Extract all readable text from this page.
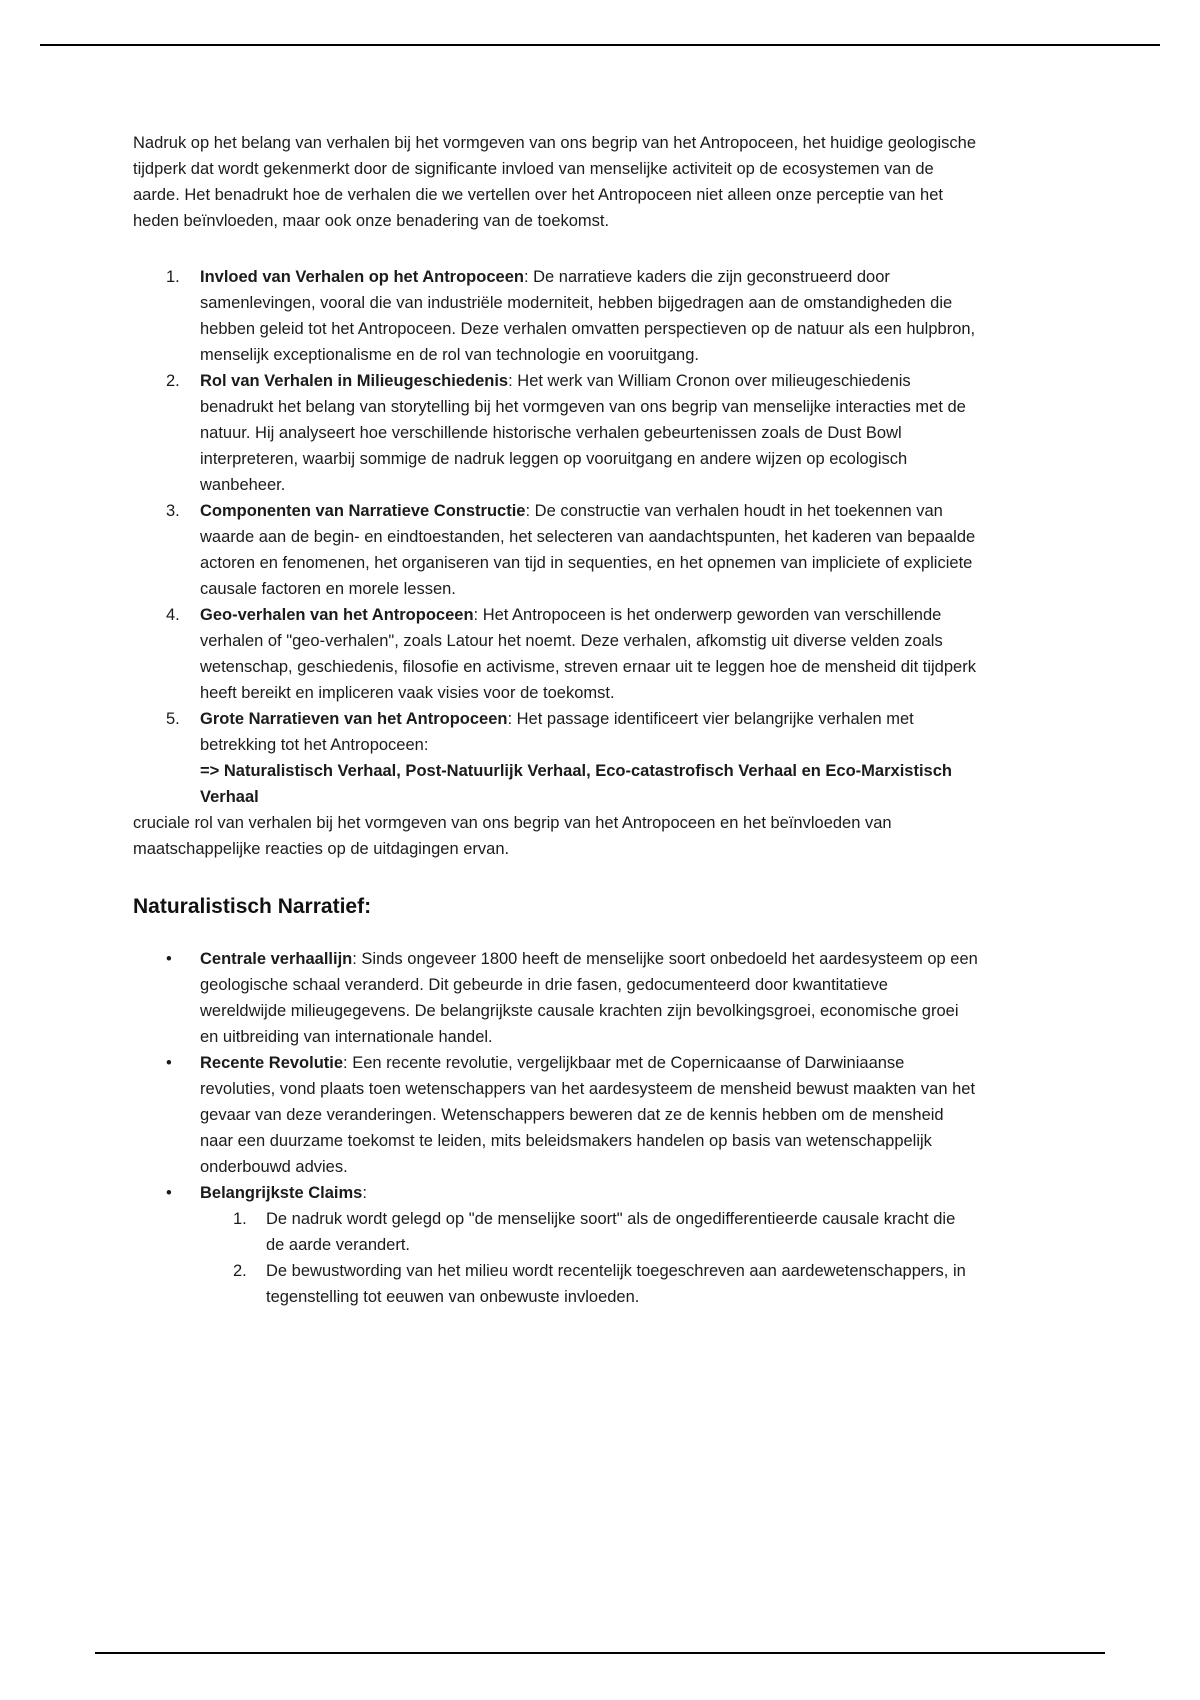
Nadruk op het belang van verhalen bij het vormgeven van ons begrip van het Antropoceen, het huidige geologische tijdperk dat wordt gekenmerkt door de significante invloed van menselijke activiteit op de ecosystemen van de aarde. Het benadrukt hoe de verhalen die we vertellen over het Antropoceen niet alleen onze perceptie van het heden beïnvloeden, maar ook onze benadering van de toekomst.

1.	Invloed van Verhalen op het Antropoceen: De narratieve kaders die zijn geconstrueerd door samenlevingen, vooral die van industriële moderniteit, hebben bijgedragen aan de omstandigheden die hebben geleid tot het Antropoceen. Deze verhalen omvatten perspectieven op de natuur als een hulpbron, menselijk exceptionalisme en de rol van technologie en vooruitgang.
2.	Rol van Verhalen in Milieugeschiedenis: Het werk van William Cronon over milieugeschiedenis benadrukt het belang van storytelling bij het vormgeven van ons begrip van menselijke interacties met de natuur. Hij analyseert hoe verschillende historische verhalen gebeurtenissen zoals de Dust Bowl interpreteren, waarbij sommige de nadruk leggen op vooruitgang en andere wijzen op ecologisch wanbeheer.
3.	Componenten van Narratieve Constructie: De constructie van verhalen houdt in het toekennen van waarde aan de begin- en eindtoestanden, het selecteren van aandachtspunten, het kaderen van bepaalde actoren en fenomenen, het organiseren van tijd in sequenties, en het opnemen van impliciete of expliciete causale factoren en morele lessen.
4.	Geo-verhalen van het Antropoceen: Het Antropoceen is het onderwerp geworden van verschillende verhalen of "geo-verhalen", zoals Latour het noemt. Deze verhalen, afkomstig uit diverse velden zoals wetenschap, geschiedenis, filosofie en activisme, streven ernaar uit te leggen hoe de mensheid dit tijdperk heeft bereikt en impliceren vaak visies voor de toekomst.
5.	Grote Narratieven van het Antropoceen: Het passage identificeert vier belangrijke verhalen met betrekking tot het Antropoceen:
=> Naturalistisch Verhaal, Post-Natuurlijk Verhaal, Eco-catastrofisch Verhaal en Eco-Marxistisch Verhaal

cruciale rol van verhalen bij het vormgeven van ons begrip van het Antropoceen en het beïnvloeden van maatschappelijke reacties op de uitdagingen ervan.

Naturalistisch Narratief:
•	Centrale verhaallijn: Sinds ongeveer 1800 heeft de menselijke soort onbedoeld het aardesysteem op een geologische schaal veranderd. Dit gebeurde in drie fasen, gedocumenteerd door kwantitatieve wereldwijde milieugegevens. De belangrijkste causale krachten zijn bevolkingsgroei, economische groei en uitbreiding van internationale handel.
•	Recente Revolutie: Een recente revolutie, vergelijkbaar met de Copernicaanse of Darwiniaanse revoluties, vond plaats toen wetenschappers van het aardesysteem de mensheid bewust maakten van het gevaar van deze veranderingen. Wetenschappers beweren dat ze de kennis hebben om de mensheid naar een duurzame toekomst te leiden, mits beleidsmakers handelen op basis van wetenschappelijk onderbouwd advies.
•	Belangrijkste Claims:
1.	De nadruk wordt gelegd op "de menselijke soort" als de ongedifferentieerde causale kracht die de aarde verandert.
2.	De bewustwording van het milieu wordt recentelijk toegeschreven aan aardewetenschappers, in tegenstelling tot eeuwen van onbewuste invloeden.
